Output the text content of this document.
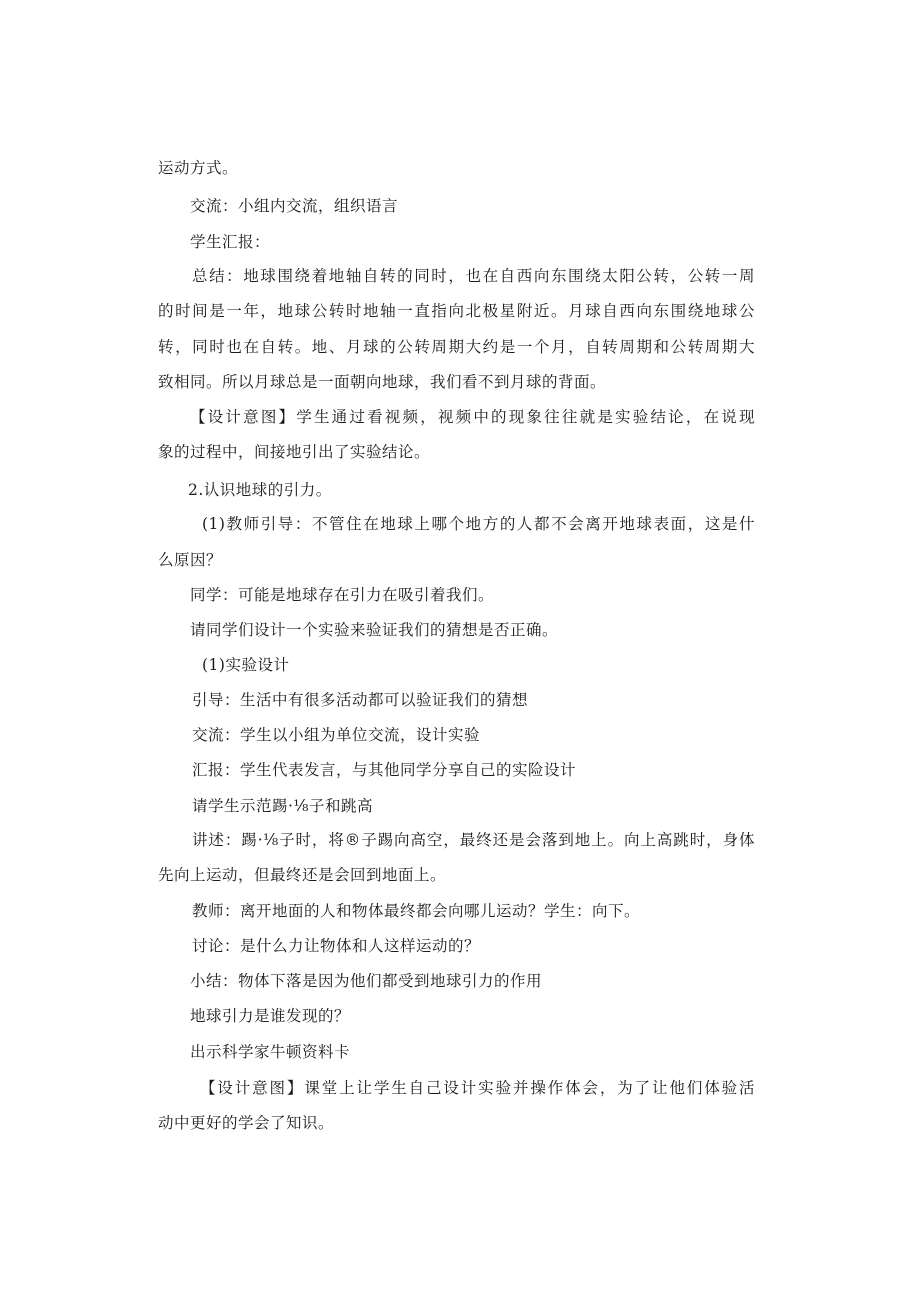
运动方式。
交流：小组内交流，组织语言
学生汇报：
总结：地球围绕着地轴自转的同时，也在自西向东围绕太阳公转，公转一周
的时间是一年，地球公转时地轴一直指向北极星附近。月球自西向东围绕地球公
转，同时也在自转。地、月球的公转周期大约是一个月，自转周期和公转周期大
致相同。所以月球总是一面朝向地球，我们看不到月球的背面。
【设计意图】学生通过看视频，视频中的现象往往就是实验结论，在说现
象的过程中，间接地引出了实验结论。
2.认识地球的引力。
(1)教师引导：不管住在地球上哪个地方的人都不会离开地球表面，这是什
么原因？
同学：可能是地球存在引力在吸引着我们。
请同学们设计一个实验来验证我们的猜想是否正确。
(1)实验设计
引导：生活中有很多活动都可以验证我们的猜想
交流：学生以小组为单位交流，设计实验
汇报：学生代表发言，与其他同学分享自己的实险设计
请学生示范踢·⅛子和跳高
讲述：踢·⅛子时，将®子踢向高空，最终还是会落到地上。向上高跳时，身体
先向上运动，但最终还是会回到地面上。
教师：离开地面的人和物体最终都会向哪儿运动？学生：向下。
讨论：是什么力让物体和人这样运动的？
小结：物体下落是因为他们都受到地球引力的作用
地球引力是谁发现的？
出示科学家牛顿资料卡
【设计意图】课堂上让学生自己设计实验并操作体会，为了让他们体验活
动中更好的学会了知识。
